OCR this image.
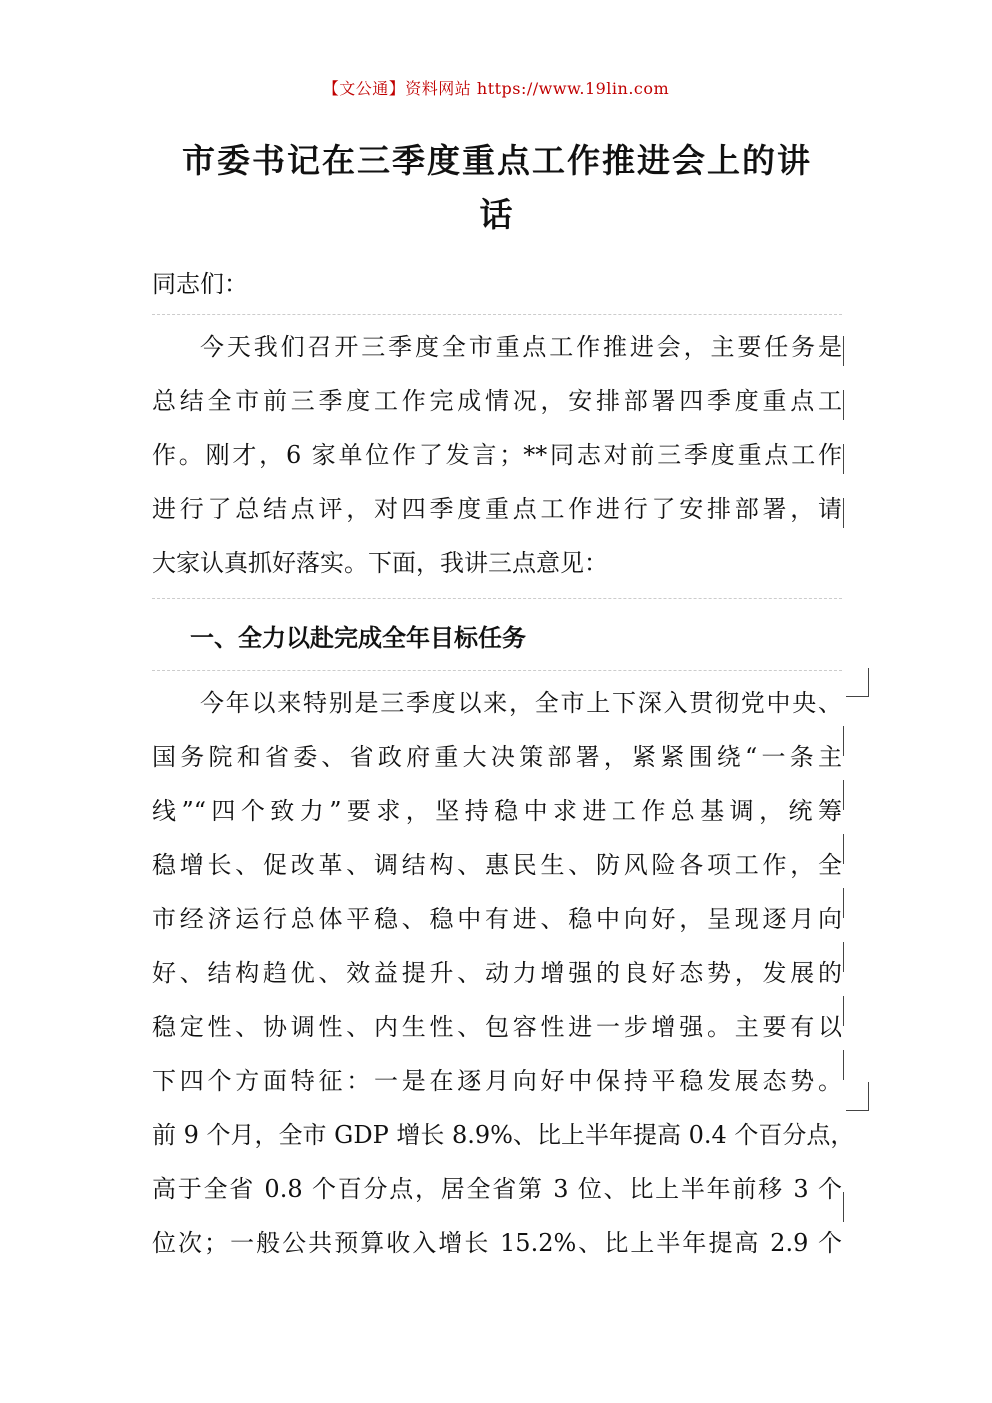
【文公通】资料网站 https://www.19lin.com
市委书记在三季度重点工作推进会上的讲
话
同志们：
今天我们召开三季度全市重点工作推进会，主要任务是
总结全市前三季度工作完成情况，安排部署四季度重点工
作。刚才，6 家单位作了发言；**同志对前三季度重点工作
进行了总结点评，对四季度重点工作进行了安排部署，请
大家认真抓好落实。下面，我讲三点意见：
一、全力以赴完成全年目标任务
今年以来特别是三季度以来，全市上下深入贯彻党中央、
国务院和省委、省政府重大决策部署，紧紧围绕“一条主
线”“四个致力”要求，坚持稳中求进工作总基调，统筹
稳增长、促改革、调结构、惠民生、防风险各项工作，全
市经济运行总体平稳、稳中有进、稳中向好，呈现逐月向
好、结构趋优、效益提升、动力增强的良好态势，发展的
稳定性、协调性、内生性、包容性进一步增强。主要有以
下四个方面特征：一是在逐月向好中保持平稳发展态势。
前 9 个月，全市 GDP 增长 8.9%、比上半年提高 0.4 个百分点，
高于全省 0.8 个百分点，居全省第 3 位、比上半年前移 3 个
位次；一般公共预算收入增长 15.2%、比上半年提高 2.9 个
